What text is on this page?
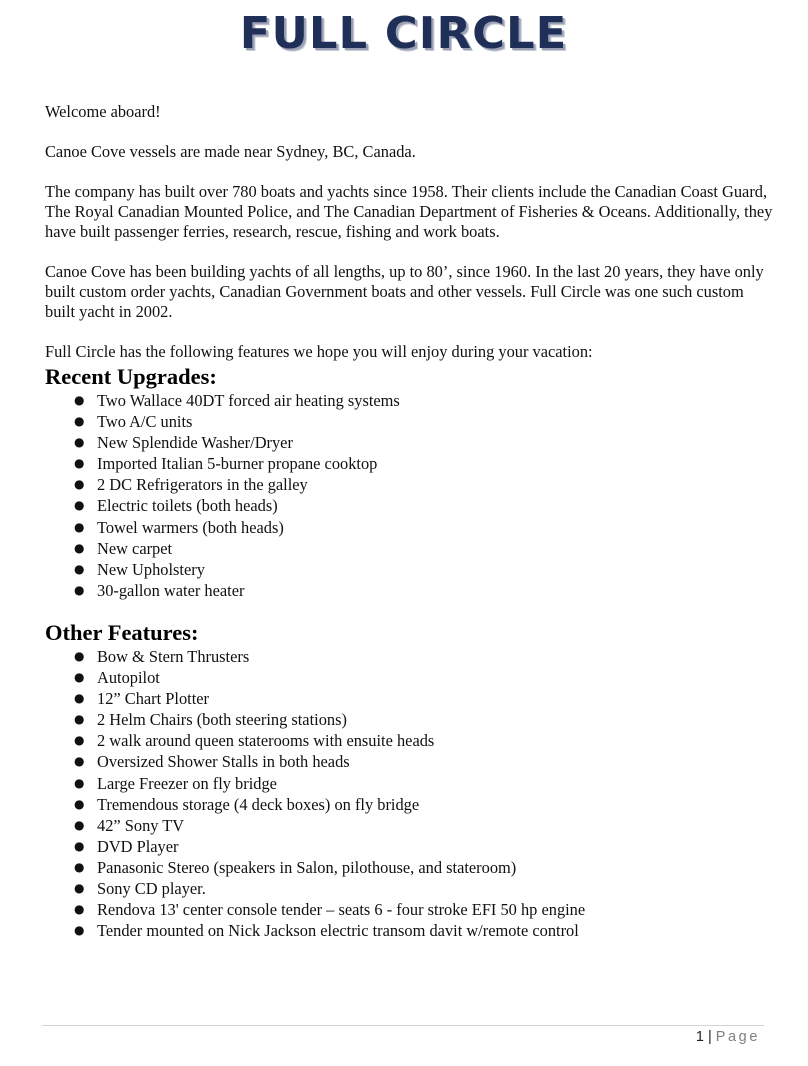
FULL CIRCLE

Welcome aboard!

Canoe Cove vessels are made near Sydney, BC, Canada.

The company has built over 780 boats and yachts since 1958. Their clients include the Canadian Coast Guard, The Royal Canadian Mounted Police, and The Canadian Department of Fisheries & Oceans. Additionally, they have built passenger ferries, research, rescue, fishing and work boats.

Canoe Cove has been building yachts of all lengths, up to 80’, since 1960. In the last 20 years, they have only built custom order yachts, Canadian Government boats and other vessels. Full Circle was one such custom built yacht in 2002.

Full Circle has the following features we hope you will enjoy during your vacation:

Recent Upgrades:
● Two Wallace 40DT forced air heating systems
● Two A/C units
● New Splendide Washer/Dryer
● Imported Italian 5-burner propane cooktop
● 2 DC Refrigerators in the galley
● Electric toilets (both heads)
● Towel warmers (both heads)
● New carpet
● New Upholstery
● 30-gallon water heater
Other Features:
● Bow & Stern Thrusters
● Autopilot
● 12” Chart Plotter
● 2 Helm Chairs (both steering stations)
● 2 walk around queen staterooms with ensuite heads
● Oversized Shower Stalls in both heads
● Large Freezer on fly bridge
● Tremendous storage (4 deck boxes) on fly bridge
● 42” Sony TV
● DVD Player
● Panasonic Stereo (speakers in Salon, pilothouse, and stateroom)
● Sony CD player.
● Rendova 13' center console tender – seats 6 - four stroke EFI 50 hp engine
● Tender mounted on Nick Jackson electric transom davit w/remote control
1 | Page
